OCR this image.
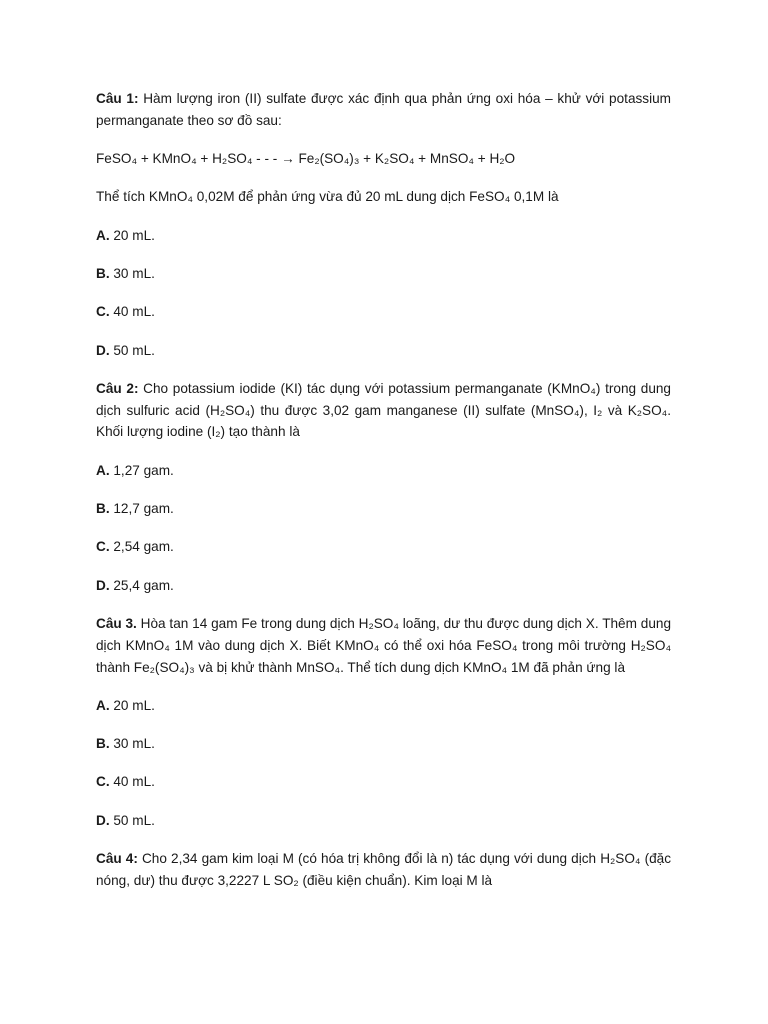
Câu 1: Hàm lượng iron (II) sulfate được xác định qua phản ứng oxi hóa – khử với potassium permanganate theo sơ đồ sau:

FeSO₄ + KMnO₄ + H₂SO₄ - - - → Fe₂(SO₄)₃ + K₂SO₄ + MnSO₄ + H₂O

Thể tích KMnO₄ 0,02M để phản ứng vừa đủ 20 mL dung dịch FeSO₄ 0,1M là

A. 20 mL.

B. 30 mL.

C. 40 mL.

D. 50 mL.

Câu 2: Cho potassium iodide (KI) tác dụng với potassium permanganate (KMnO₄) trong dung dịch sulfuric acid (H₂SO₄) thu được 3,02 gam manganese (II) sulfate (MnSO₄), I₂ và K₂SO₄. Khối lượng iodine (I₂) tạo thành là

A. 1,27 gam.

B. 12,7 gam.

C. 2,54 gam.

D. 25,4 gam.

Câu 3. Hòa tan 14 gam Fe trong dung dịch H₂SO₄ loãng, dư thu được dung dịch X. Thêm dung dịch KMnO₄ 1M vào dung dịch X. Biết KMnO₄ có thể oxi hóa FeSO₄ trong môi trường H₂SO₄ thành Fe₂(SO₄)₃ và bị khử thành MnSO₄. Thể tích dung dịch KMnO₄ 1M đã phản ứng là

A. 20 mL.

B. 30 mL.

C. 40 mL.

D. 50 mL.

Câu 4: Cho 2,34 gam kim loại M (có hóa trị không đổi là n) tác dụng với dung dịch H₂SO₄ (đặc nóng, dư) thu được 3,2227 L SO₂ (điều kiện chuẩn). Kim loại M là
